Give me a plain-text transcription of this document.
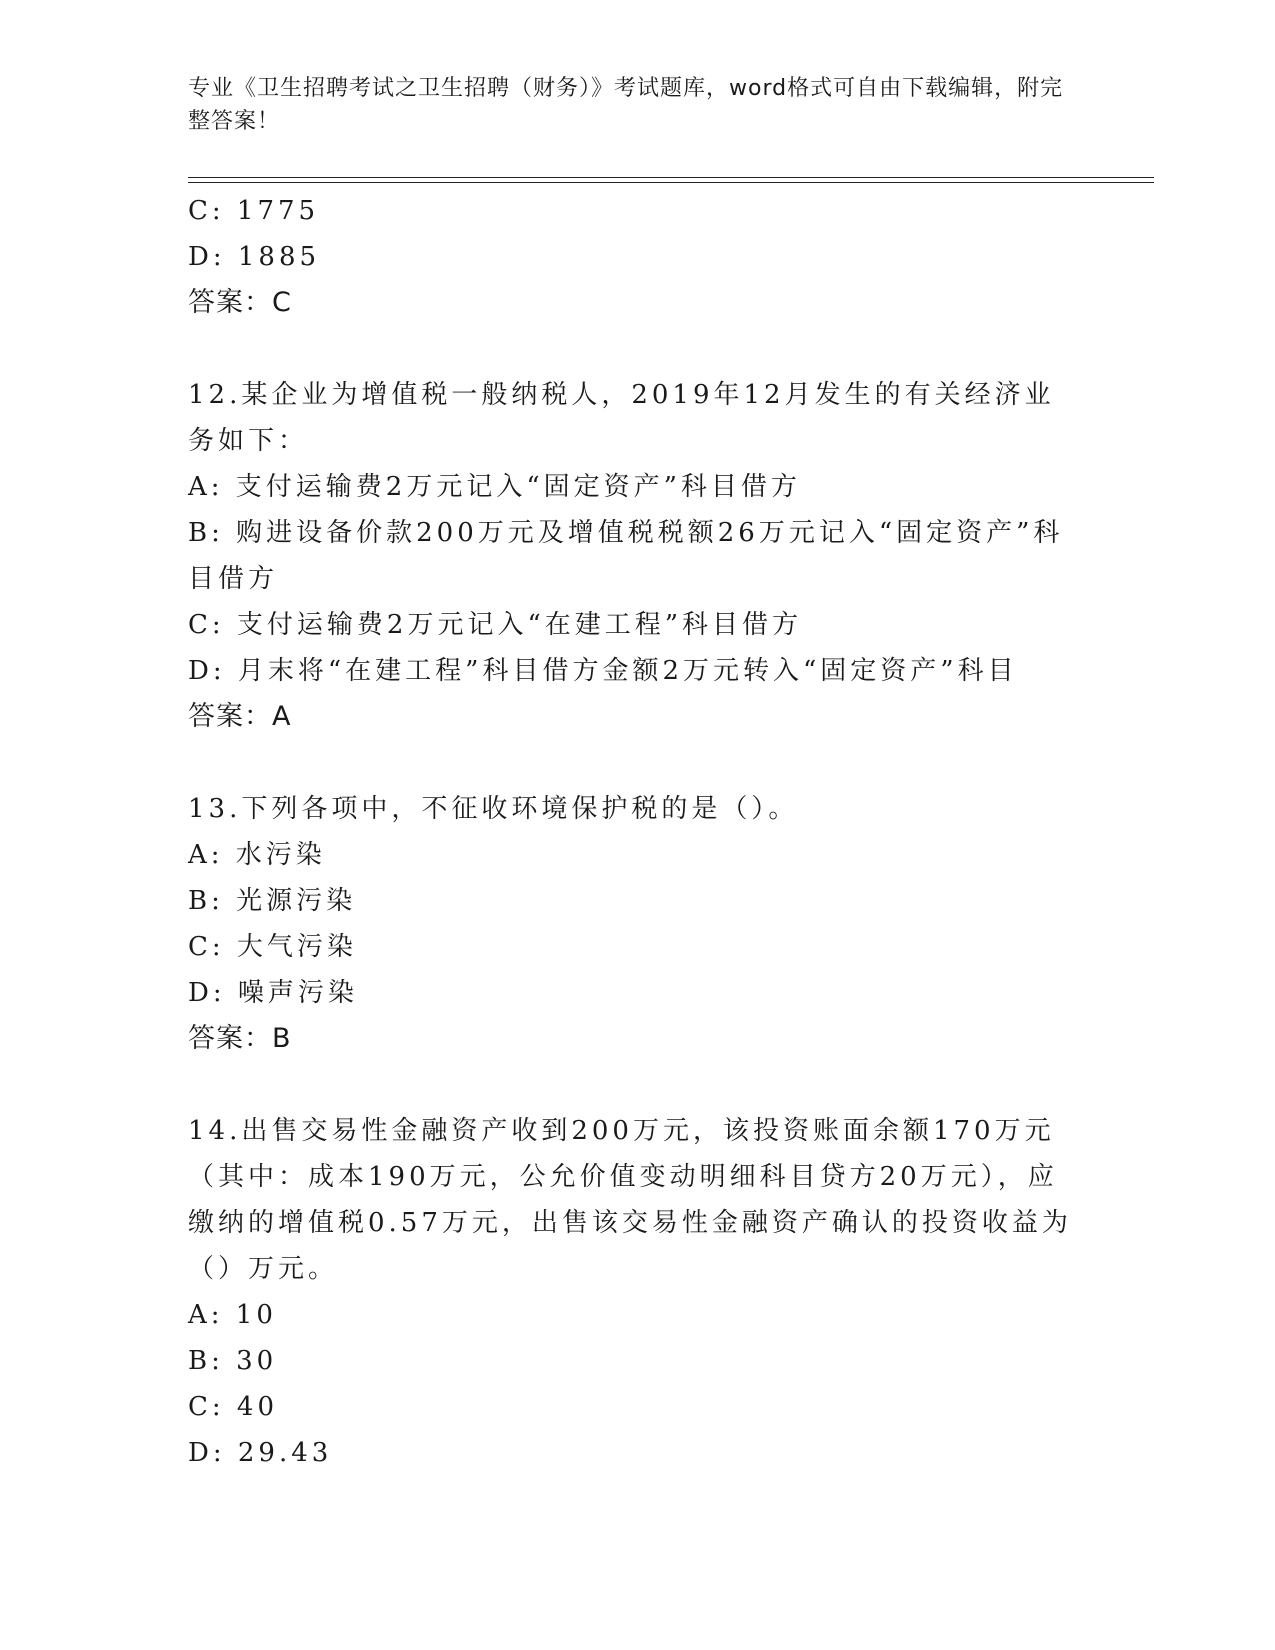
专业《卫生招聘考试之卫生招聘（财务）》考试题库，word格式可自由下载编辑，附完整答案！
C: 1775
D: 1885
答案：C
12.某企业为增值税一般纳税人，2019年12月发生的有关经济业务如下：
A: 支付运输费2万元记入“固定资产”科目借方
B: 购进设备价款200万元及增值税税额26万元记入“固定资产”科目借方
C: 支付运输费2万元记入“在建工程”科目借方
D: 月末将“在建工程”科目借方金额2万元转入“固定资产”科目
答案：A
13.下列各项中，不征收环境保护税的是（）。
A: 水污染
B: 光源污染
C: 大气污染
D: 噪声污染
答案：B
14.出售交易性金融资产收到200万元，该投资账面余额170万元（其中：成本190万元，公允价值变动明细科目贷方20万元），应缴纳的增值税0.57万元，出售该交易性金融资产确认的投资收益为（）万元。
A: 10
B: 30
C: 40
D: 29.43
